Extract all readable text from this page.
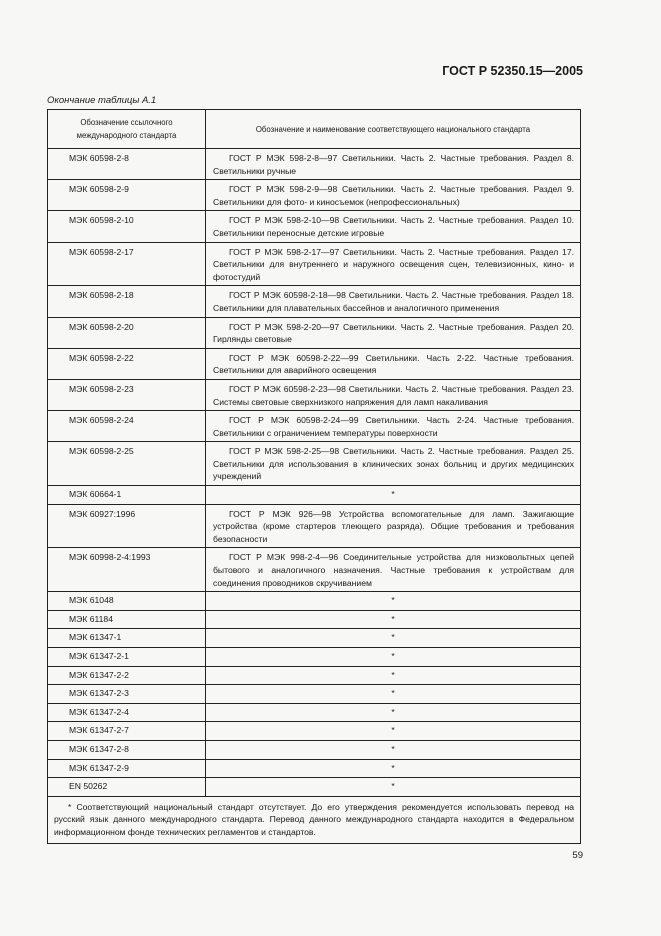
ГОСТ Р 52350.15—2005
Окончание таблицы А.1
Обозначение ссылочного международного стандарта	Обозначение и наименование соответствующего национального стандарта
МЭК 60598-2-8	ГОСТ Р МЭК 598-2-8—97 Светильники. Часть 2. Частные требования. Раздел 8. Светильники ручные

МЭК 60598-2-9	ГОСТ Р МЭК 598-2-9—98 Светильники. Часть 2. Частные требования. Раздел 9. Светильники для фото- и киносъемок (непрофессиональных)

МЭК 60598-2-10	ГОСТ Р МЭК 598-2-10—98 Светильники. Часть 2. Частные требования. Раздел 10. Светильники переносные детские игровые

МЭК 60598-2-17	ГОСТ Р МЭК 598-2-17—97 Светильники. Часть 2. Частные требования. Раздел 17. Светильники для внутреннего и наружного освещения сцен, телевизионных, кино- и фотостудий

МЭК 60598-2-18	ГОСТ Р МЭК 60598-2-18—98 Светильники. Часть 2. Частные требования. Раздел 18. Светильники для плавательных бассейнов и аналогичного применения

МЭК 60598-2-20	ГОСТ Р МЭК 598-2-20—97 Светильники. Часть 2. Частные требования. Раздел 20. Гирлянды световые

МЭК 60598-2-22	ГОСТ Р МЭК 60598-2-22—99 Светильники. Часть 2-22. Частные требования. Светильники для аварийного освещения

МЭК 60598-2-23	ГОСТ Р МЭК 60598-2-23—98 Светильники. Часть 2. Частные требования. Раздел 23. Системы световые сверхнизкого напряжения для ламп накаливания

МЭК 60598-2-24	ГОСТ Р МЭК 60598-2-24—99 Светильники. Часть 2-24. Частные требования. Светильники с ограничением температуры поверхности

МЭК 60598-2-25	ГОСТ Р МЭК 598-2-25—98 Светильники. Часть 2. Частные требования. Раздел 25. Светильники для использования в клинических зонах больниц и других медицинских учреждений

МЭК 60664-1	*
МЭК 60927:1996	ГОСТ Р МЭК 926—98 Устройства вспомогательные для ламп. Зажигающие устройства (кроме стартеров тлеющего разряда). Общие требования и требования безопасности

МЭК 60998-2-4:1993	ГОСТ Р МЭК 998-2-4—96 Соединительные устройства для низковольтных цепей бытового и аналогичного назначения. Частные требования к устройствам для соединения проводников скручиванием

МЭК 61048	*
МЭК 61184	*
МЭК 61347-1	*
МЭК 61347-2-1	*
МЭК 61347-2-2	*
МЭК 61347-2-3	*
МЭК 61347-2-4	*
МЭК 61347-2-7	*
МЭК 61347-2-8	*
МЭК 61347-2-9	*
EN 50262	*

* Соответствующий национальный стандарт отсутствует. До его утверждения рекомендуется использовать перевод на русский язык данного международного стандарта. Перевод данного международного стандарта находится в Федеральном информационном фонде технических регламентов и стандартов.	
59
